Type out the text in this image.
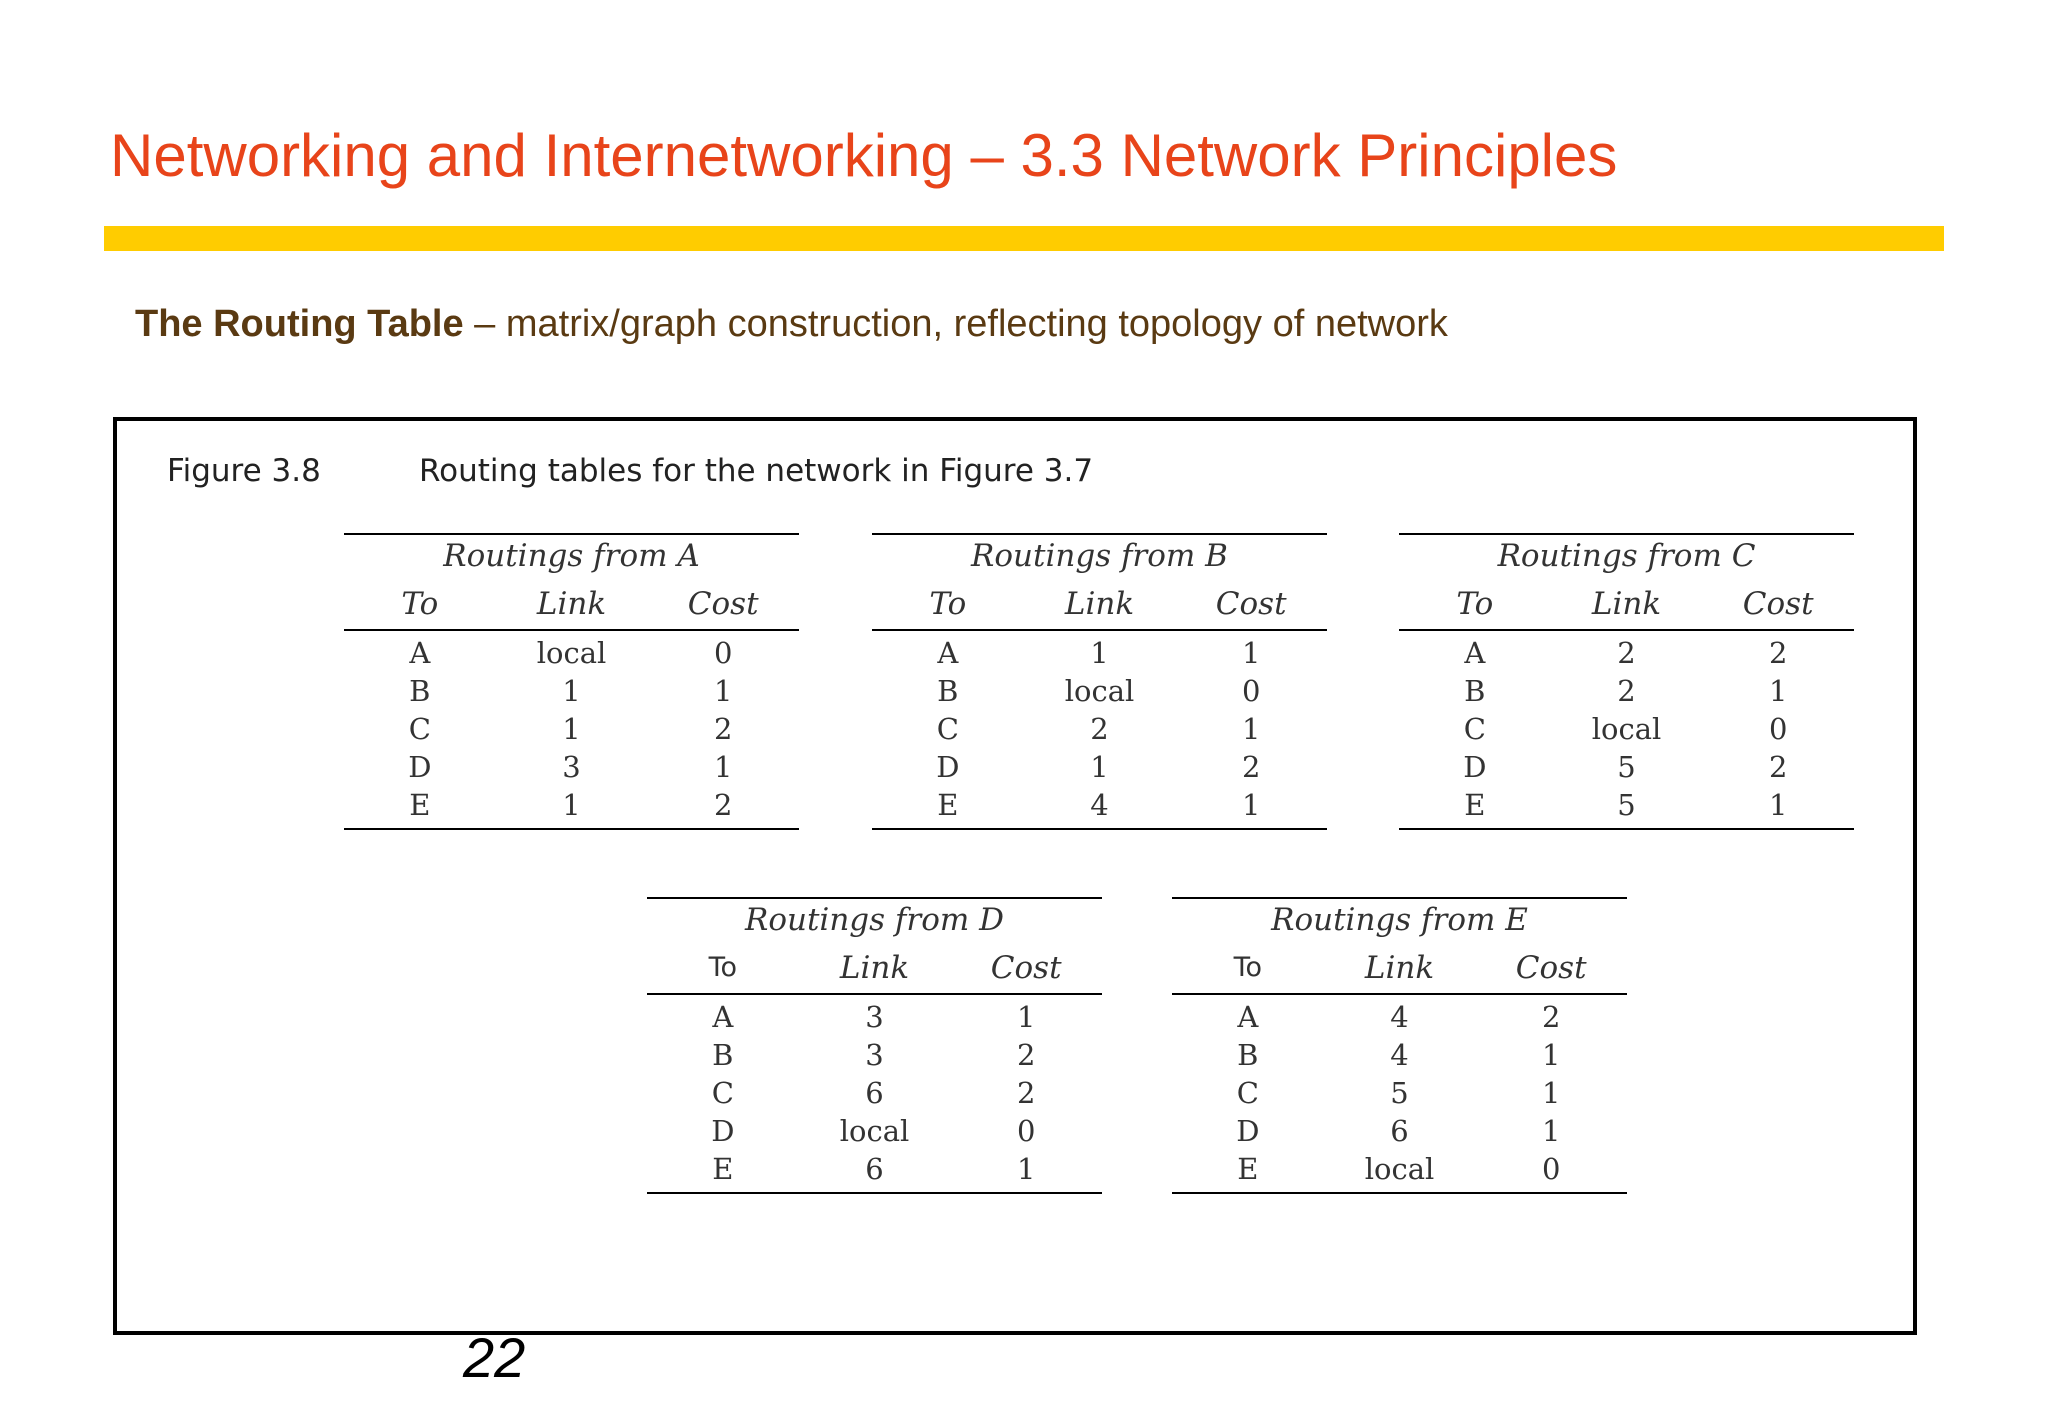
Networking and Internetworking – 3.3 Network Principles

The Routing Table – matrix/graph construction, reflecting topology of network

Figure 3.8	Routing tables for the network in Figure 3.7
Routings from A
To	Link	Cost
A	local	0
B	1	1
C	1	2
D	3	1
E	1	2
Routings from B
To	Link	Cost
A	1	1
B	local	0
C	2	1
D	1	2
E	4	1
Routings from C
To	Link	Cost
A	2	2
B	2	1
C	local	0
D	5	2
E	5	1
Routings from D
To	Link	Cost
A	3	1
B	3	2
C	6	2
D	local	0
E	6	1
Routings from E
To	Link	Cost
A	4	2
B	4	1
C	5	1
D	6	1
E	local	0
22
